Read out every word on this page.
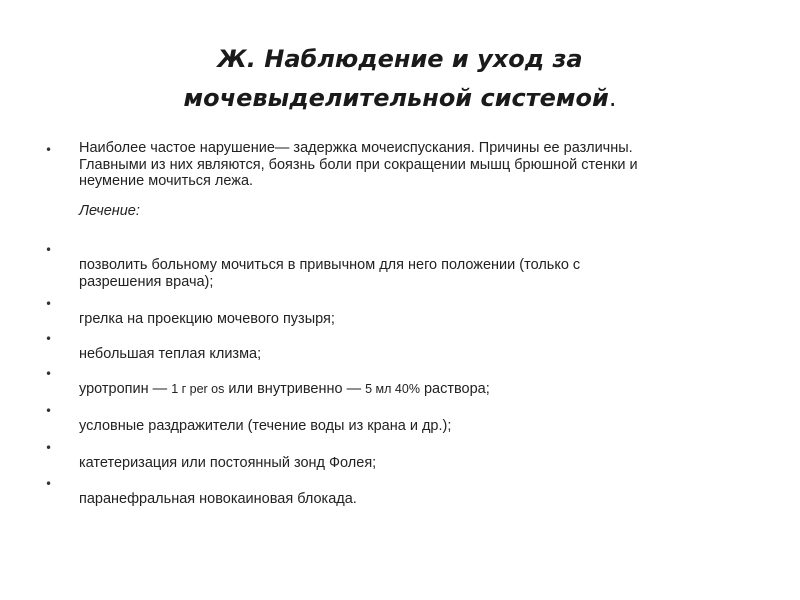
Ж. Наблюдение и уход за
мочевыделительной системой.
• Наиболее частое нарушение— задержка мочеиспускания. Причины ее различны.
Главными из них являются, боязнь боли при сокращении мышц брюшной стенки и
неумение мочиться лежа.
Лечение:
•
позволить больному мочиться в привычном для него положении (только с
разрешения врача);
•
грелка на проекцию мочевого пузыря;
•
небольшая теплая клизма;
•
уротропин — 1 г per os или внутривенно — 5 мл 40% раствора;
•
условные раздражители (течение воды из крана и др.);
•
катетеризация или постоянный зонд Фолея;
•
паранефральная новокаиновая блокада.
